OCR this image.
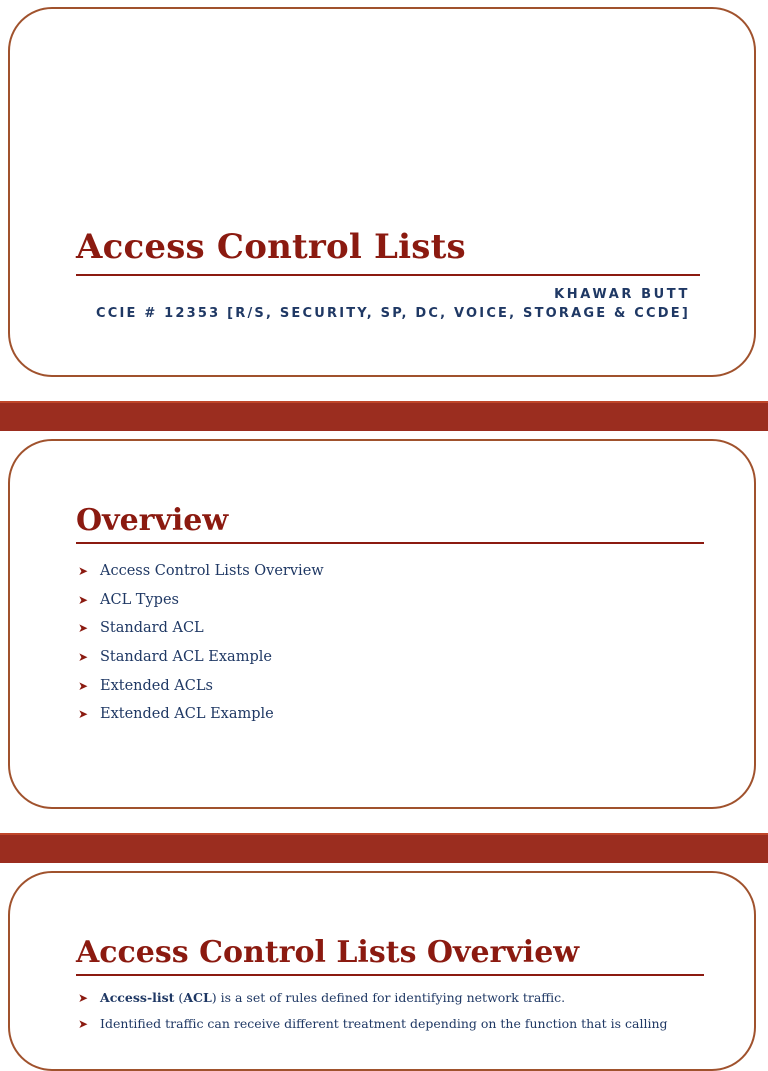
Access Control Lists
KHAWAR BUTT
CCIE # 12353 [R/S, SECURITY, SP, DC, VOICE, STORAGE & CCDE]
Overview
➤ Access Control Lists Overview
➤ ACL Types
➤ Standard ACL
➤ Standard ACL Example
➤ Extended ACLs
➤ Extended ACL Example
Access Control Lists Overview
➤ Access-list ( ACL ) is a set of rules defined for identifying network traffic.
➤ Identified traffic can receive different treatment depending on the function that is calling
